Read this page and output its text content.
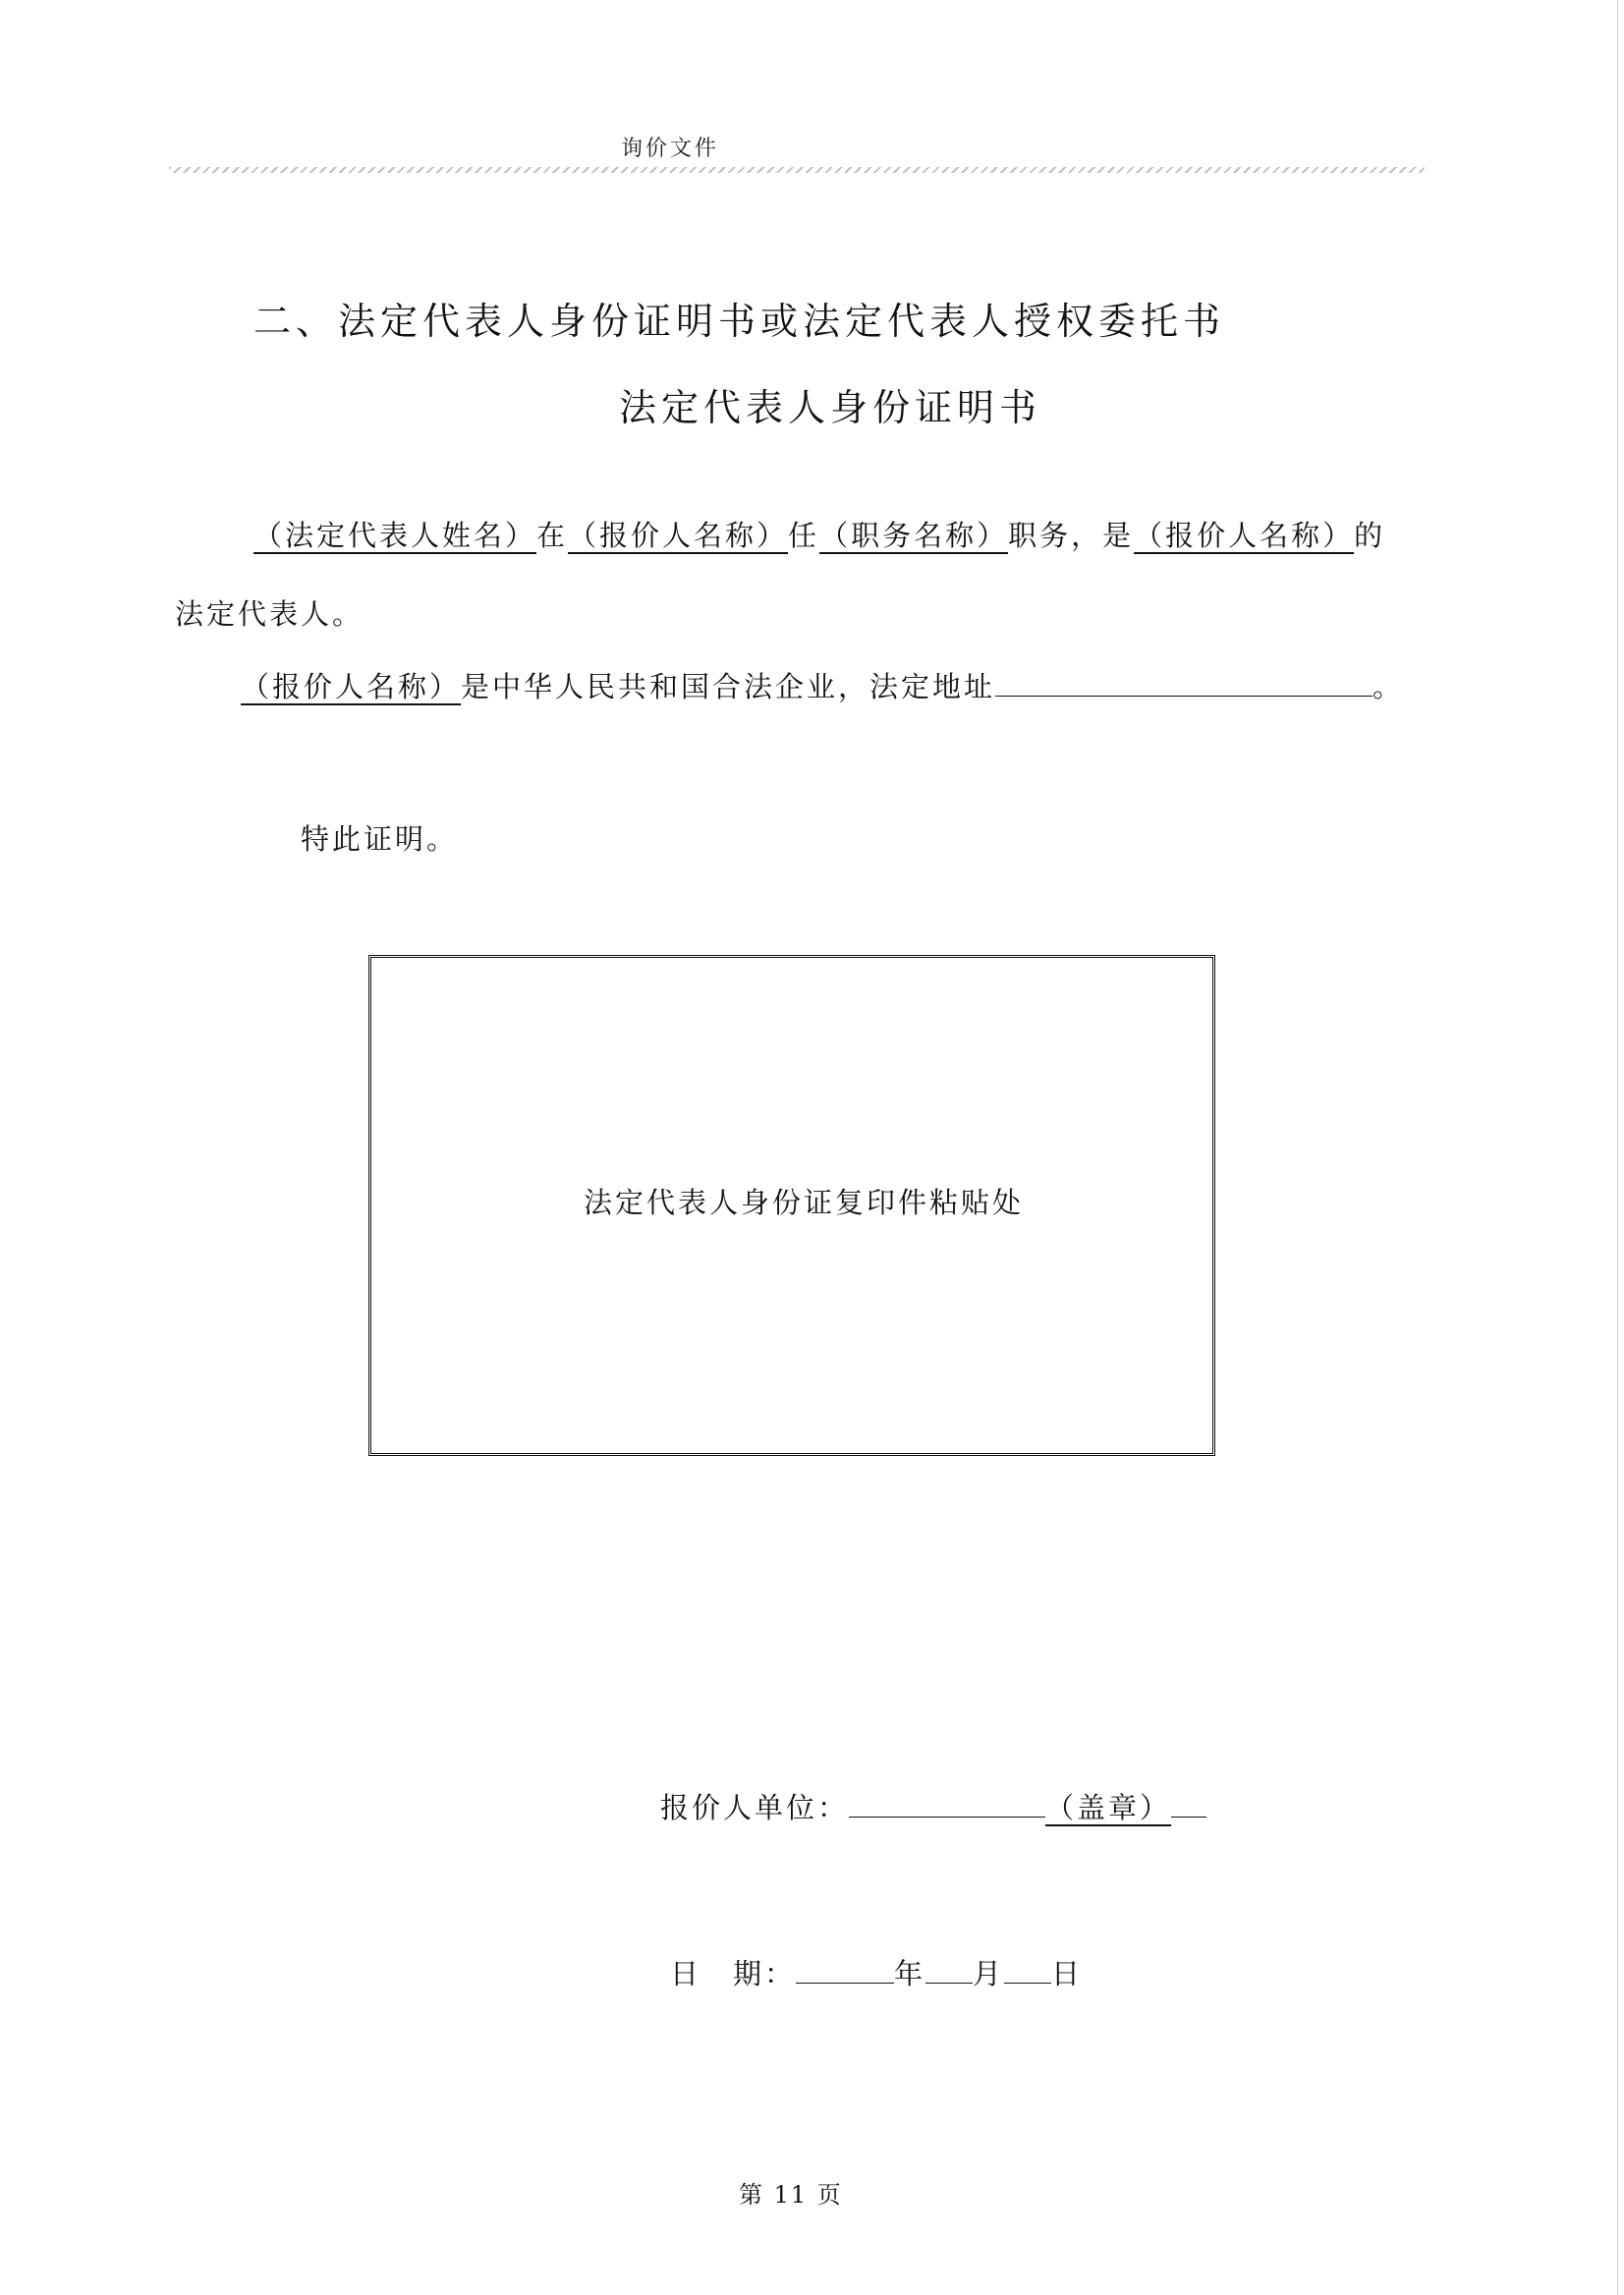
询价文件
二、法定代表人身份证明书或法定代表人授权委托书
法定代表人身份证明书
（法定代表人姓名）在（报价人名称）任（职务名称）职务，是（报价人名称）的
法定代表人。
（报价人名称）是中华人民共和国合法企业，法定地址	。
特此证明。
法定代表人身份证复印件粘贴处
报价人单位：	（盖章）
日　期：	年 月 日
第 11 页
